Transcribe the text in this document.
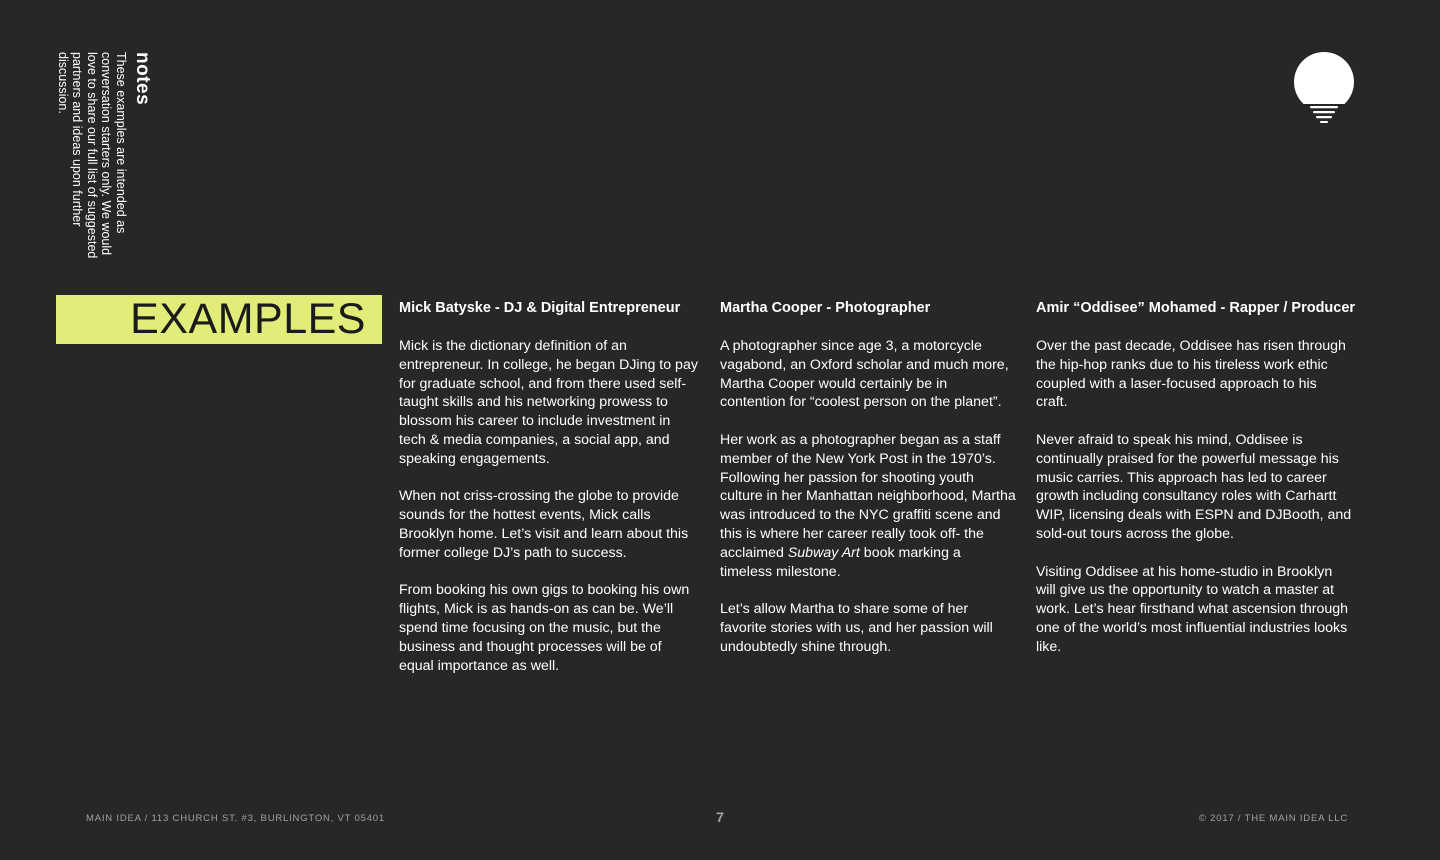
notes

These examples are intended as conversation starters only. We would love to share our full list of suggested partners and ideas upon further discussion.

EXAMPLES	Mick Batyske - DJ & Digital Entrepreneur

Mick is the dictionary definition of an entrepreneur. In college, he began DJing to pay for graduate school, and from there used self-taught skills and his networking prowess to blossom his career to include investment in tech & media companies, a social app, and speaking engagements.

When not criss-crossing the globe to provide sounds for the hottest events, Mick calls Brooklyn home. Let’s visit and learn about this former college DJ’s path to success.

From booking his own gigs to booking his own flights, Mick is as hands-on as can be. We’ll spend time focusing on the music, but the business and thought processes will be of equal importance as well.

Martha Cooper - Photographer

A photographer since age 3, a motorcycle vagabond, an Oxford scholar and much more, Martha Cooper would certainly be in contention for “coolest person on the planet”.

Her work as a photographer began as a staff member of the New York Post in the 1970’s. Following her passion for shooting youth culture in her Manhattan neighborhood, Martha was introduced to the NYC graffiti scene and this is where her career really took off- the acclaimed Subway Art book marking a timeless milestone.

Let’s allow Martha to share some of her favorite stories with us, and her passion will undoubtedly shine through.

Amir “Oddisee” Mohamed - Rapper / Producer

Over the past decade, Oddisee has risen through the hip-hop ranks due to his tireless work ethic coupled with a laser-focused approach to his craft.

Never afraid to speak his mind, Oddisee is continually praised for the powerful message his music carries. This approach has led to career growth including consultancy roles with Carhartt WIP, licensing deals with ESPN and DJBooth, and sold-out tours across the globe.

Visiting Oddisee at his home-studio in Brooklyn will give us the opportunity to watch a master at work. Let’s hear firsthand what ascension through one of the world’s most influential industries looks like.

MAIN IDEA / 113 CHURCH ST. #3, BURLINGTON, VT 05401	7	© 2017 / THE MAIN IDEA LLC
